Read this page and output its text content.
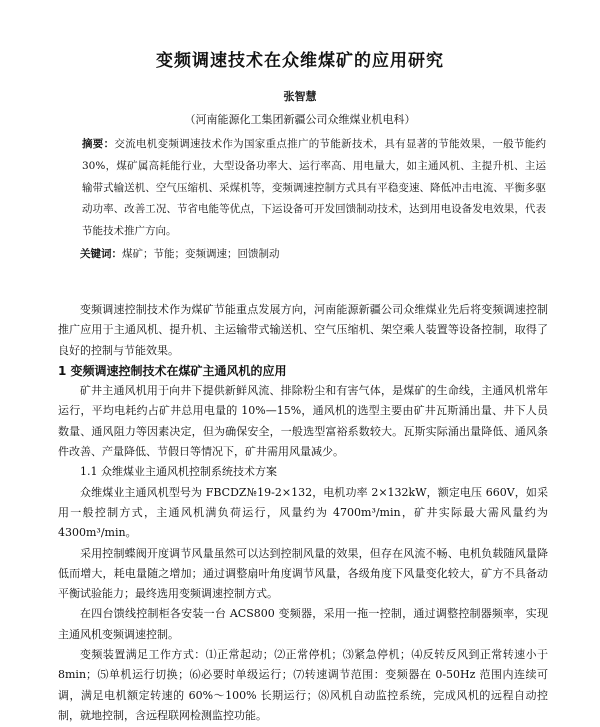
变频调速技术在众维煤矿的应用研究
张智慧
（河南能源化工集团新疆公司众维煤业机电科）
摘要：交流电机变频调速技术作为国家重点推广的节能新技术，具有显著的节能效果，一般节能约 30%，煤矿属高耗能行业，大型设备功率大、运行率高、用电量大，如主通风机、主提升机、主运输带式输送机、空气压缩机、采煤机等，变频调速控制方式具有平稳变速、降低冲击电流、平衡多驱动功率、改善工况、节省电能等优点，下运设备可开发回馈制动技术，达到用电设备发电效果，代表节能技术推广方向。
关键词：煤矿；节能；变频调速；回馈制动

变频调速控制技术作为煤矿节能重点发展方向，河南能源新疆公司众维煤业先后将变频调速控制推广应用于主通风机、提升机、主运输带式输送机、空气压缩机、架空乘人装置等设备控制，取得了良好的控制与节能效果。

1 变频调速控制技术在煤矿主通风机的应用

矿井主通风机用于向井下提供新鲜风流、排除粉尘和有害气体，是煤矿的生命线，主通风机常年运行，平均电耗约占矿井总用电量的 10%—15%，通风机的选型主要由矿井瓦斯涌出量、井下人员数量、通风阻力等因素决定，但为确保安全，一般选型富裕系数较大。瓦斯实际涌出量降低、通风条件改善、产量降低、节假日等情况下，矿井需用风量减少。

1.1 众维煤业主通风机控制系统技术方案

众维煤业主通风机型号为 FBCDZ№19-2×132，电机功率 2×132kW，额定电压 660V，如采用一般控制方式，主通风机满负荷运行，风量约为 4700m³/min，矿井实际最大需风量约为 4300m³/min。

采用控制蝶阀开度调节风量虽然可以达到控制风量的效果，但存在风流不畅、电机负载随风量降低而增大，耗电量随之增加；通过调整扇叶角度调节风量，各级角度下风量变化较大，矿方不具备动平衡试验能力；最终选用变频调速控制方式。

在四台馈线控制柜各安装一台 ACS800 变频器，采用一拖一控制，通过调整控制器频率，实现主通风机变频调速控制。

变频装置满足工作方式：⑴正常起动；⑵正常停机；⑶紧急停机；⑷反转反风到正常转速小于 8min；⑸单机运行切换；⑹必要时单级运行；⑺转速调节范围：变频器在 0-50Hz 范围内连续可调，满足电机额定转速的 60%～100% 长期运行；⑻风机自动监控系统，完成风机的远程自动控制，就地控制，含远程联网检测监控功能。
